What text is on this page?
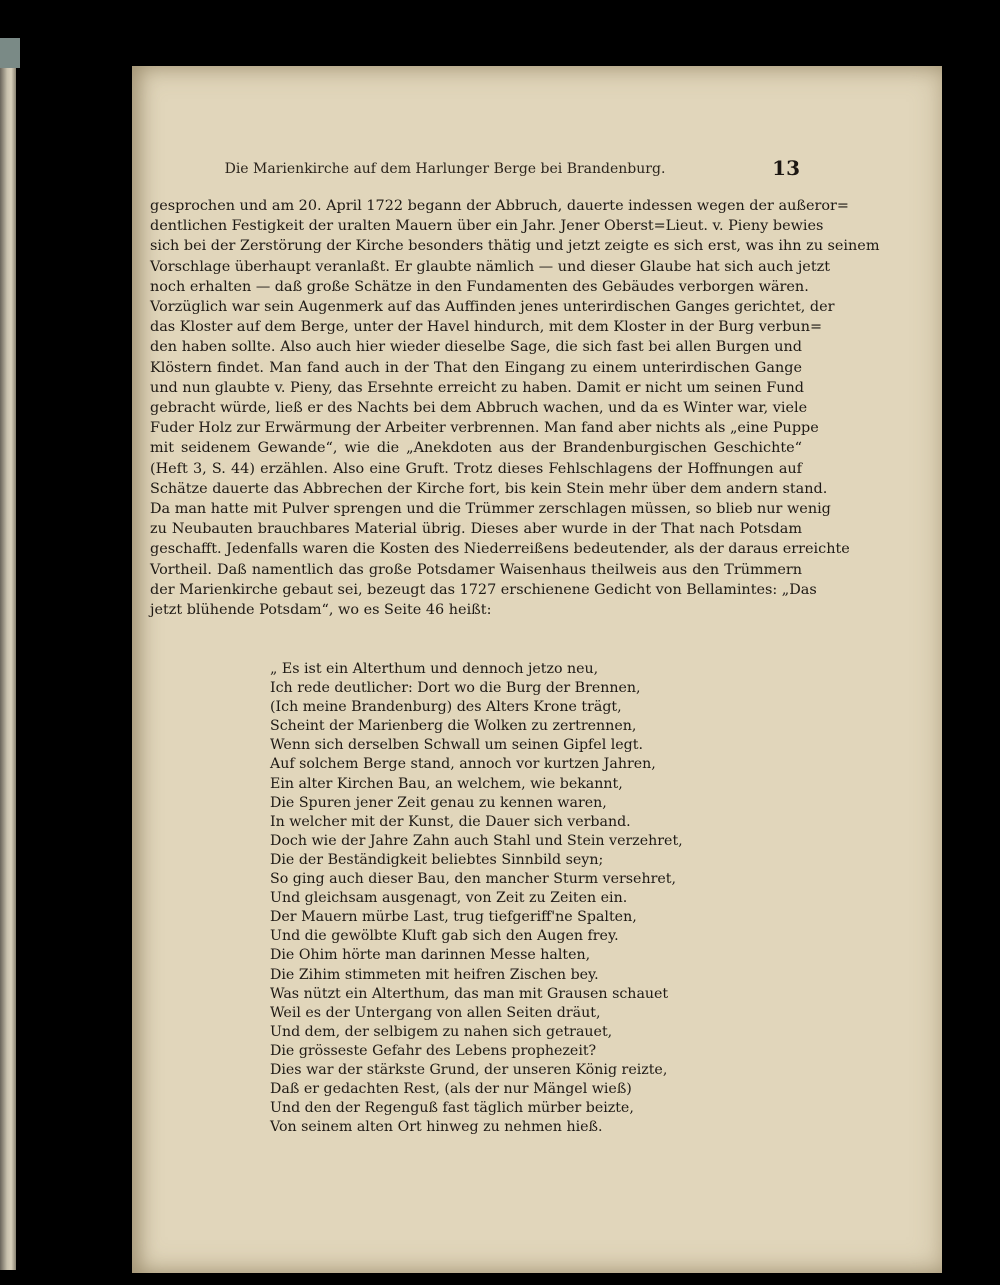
Die Marienkirche auf dem Harlunger Berge bei Brandenburg.	13
gesprochen und am 20. April 1722 begann der Abbruch, dauerte indessen wegen der außeror=
dentlichen Festigkeit der uralten Mauern über ein Jahr. Jener Oberst=Lieut. v. Pieny bewies
sich bei der Zerstörung der Kirche besonders thätig und jetzt zeigte es sich erst, was ihn zu seinem
Vorschlage überhaupt veranlaßt. Er glaubte nämlich — und dieser Glaube hat sich auch jetzt
noch erhalten — daß große Schätze in den Fundamenten des Gebäudes verborgen wären.
Vorzüglich war sein Augenmerk auf das Auffinden jenes unterirdischen Ganges gerichtet, der
das Kloster auf dem Berge, unter der Havel hindurch, mit dem Kloster in der Burg verbun=
den haben sollte. Also auch hier wieder dieselbe Sage, die sich fast bei allen Burgen und
Klöstern findet. Man fand auch in der That den Eingang zu einem unterirdischen Gange
und nun glaubte v. Pieny, das Ersehnte erreicht zu haben. Damit er nicht um seinen Fund
gebracht würde, ließ er des Nachts bei dem Abbruch wachen, und da es Winter war, viele
Fuder Holz zur Erwärmung der Arbeiter verbrennen. Man fand aber nichts als „eine Puppe
mit seidenem Gewande“, wie die „Anekdoten aus der Brandenburgischen Geschichte“
(Heft 3, S. 44) erzählen. Also eine Gruft. Trotz dieses Fehlschlagens der Hoffnungen auf
Schätze dauerte das Abbrechen der Kirche fort, bis kein Stein mehr über dem andern stand.
Da man hatte mit Pulver sprengen und die Trümmer zerschlagen müssen, so blieb nur wenig
zu Neubauten brauchbares Material übrig. Dieses aber wurde in der That nach Potsdam
geschafft. Jedenfalls waren die Kosten des Niederreißens bedeutender, als der daraus erreichte
Vortheil. Daß namentlich das große Potsdamer Waisenhaus theilweis aus den Trümmern
der Marienkirche gebaut sei, bezeugt das 1727 erschienene Gedicht von Bellamintes: „Das
jetzt blühende Potsdam“, wo es Seite 46 heißt:
„ Es ist ein Alterthum und dennoch jetzo neu,
Ich rede deutlicher: Dort wo die Burg der Brennen,
(Ich meine Brandenburg) des Alters Krone trägt,
Scheint der Marienberg die Wolken zu zertrennen,
Wenn sich derselben Schwall um seinen Gipfel legt.
Auf solchem Berge stand, annoch vor kurtzen Jahren,
Ein alter Kirchen Bau, an welchem, wie bekannt,
Die Spuren jener Zeit genau zu kennen waren,
In welcher mit der Kunst, die Dauer sich verband.
Doch wie der Jahre Zahn auch Stahl und Stein verzehret,
Die der Beständigkeit beliebtes Sinnbild seyn;
So ging auch dieser Bau, den mancher Sturm versehret,
Und gleichsam ausgenagt, von Zeit zu Zeiten ein.
Der Mauern mürbe Last, trug tiefgeriff'ne Spalten,
Und die gewölbte Kluft gab sich den Augen frey.
Die Ohim hörte man darinnen Messe halten,
Die Zihim stimmeten mit heifren Zischen bey.
Was nützt ein Alterthum, das man mit Grausen schauet
Weil es der Untergang von allen Seiten dräut,
Und dem, der selbigem zu nahen sich getrauet,
Die grösseste Gefahr des Lebens prophezeit?
Dies war der stärkste Grund, der unseren König reizte,
Daß er gedachten Rest, (als der nur Mängel wieß)
Und den der Regenguß fast täglich mürber beizte,
Von seinem alten Ort hinweg zu nehmen hieß.
